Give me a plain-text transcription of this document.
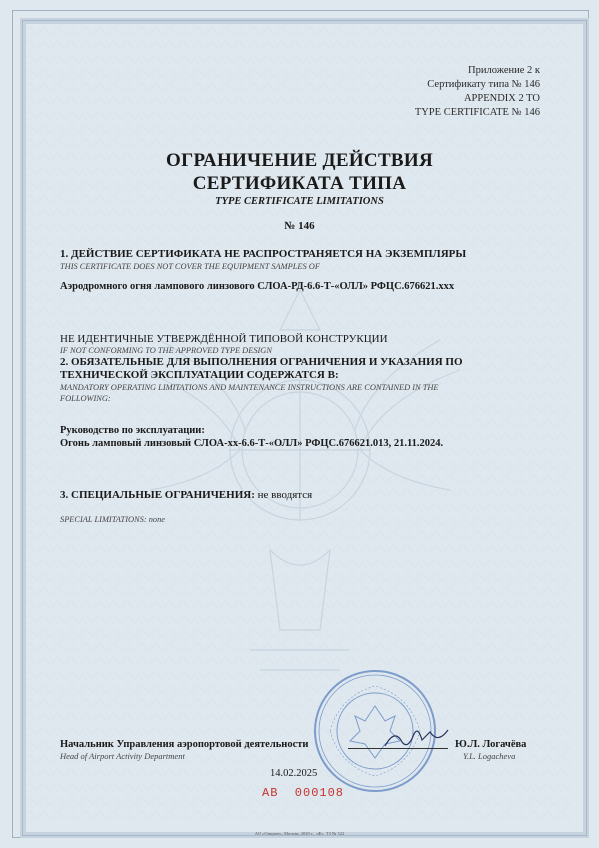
Приложение 2 к
Сертификату типа № 146
APPENDIX 2 TO
TYPE CERTIFICATE № 146
ОГРАНИЧЕНИЕ ДЕЙСТВИЯ
СЕРТИФИКАТА ТИПА
TYPE CERTIFICATE LIMITATIONS
№ 146
1. ДЕЙСТВИЕ СЕРТИФИКАТА НЕ РАСПРОСТРАНЯЕТСЯ НА ЭКЗЕМПЛЯРЫ
THIS CERTIFICATE DOES NOT COVER THE EQUIPMENT SAMPLES OF
Аэродромного огня лампового линзового СЛОА-РД-6.6-Т-«ОЛЛ» РФЦС.676621.xxx
НЕ ИДЕНТИЧНЫЕ УТВЕРЖДЁННОЙ ТИПОВОЙ КОНСТРУКЦИИ
IF NOT CONFORMING TO THE APPROVED TYPE DESIGN
2. ОБЯЗАТЕЛЬНЫЕ ДЛЯ ВЫПОЛНЕНИЯ ОГРАНИЧЕНИЯ И УКАЗАНИЯ ПО
ТЕХНИЧЕСКОЙ ЭКСПЛУАТАЦИИ СОДЕРЖАТСЯ В:
MANDATORY OPERATING LIMITATIONS AND MAINTENANCE INSTRUCTIONS ARE CONTAINED IN THE
FOLLOWING:
Руководство по эксплуатации:
Огонь ламповый линзовый СЛОА-хх-6.6-Т-«ОЛЛ» РФЦС.676621.013, 21.11.2024.
3. СПЕЦИАЛЬНЫЕ ОГРАНИЧЕНИЯ: не вводятся
SPECIAL LIMITATIONS: none
Начальник Управления аэропортовой деятельности
Head of Airport Activity Department
Ю.Л. Логачёва
Y.L. Logacheva
14.02.2025
AB  000108
АО «Опцион», Москва, 2020 г., «Ф». ТЗ № 522
